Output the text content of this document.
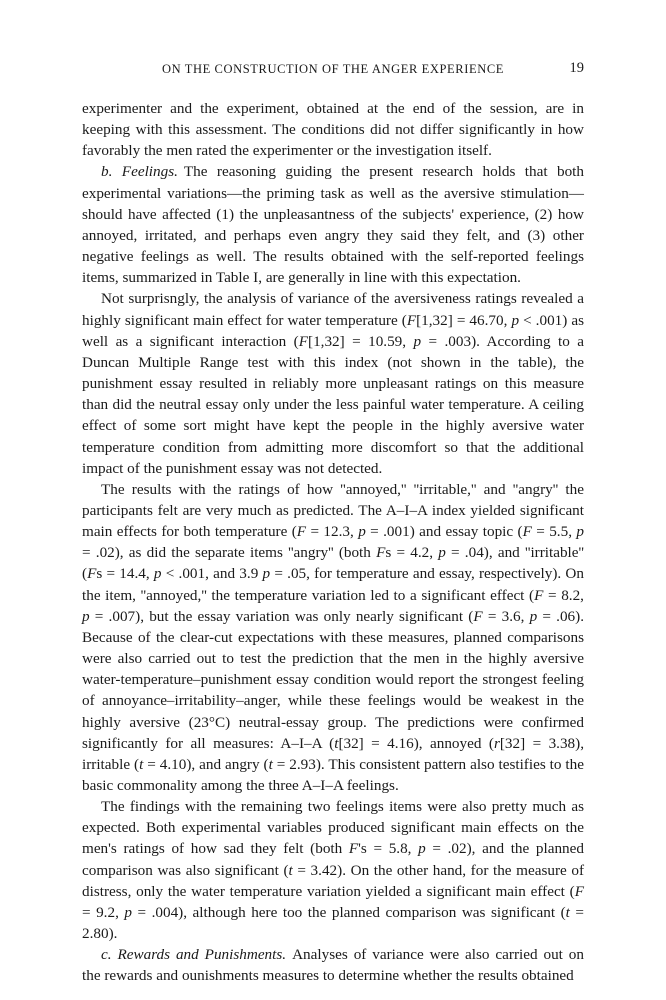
ON THE CONSTRUCTION OF THE ANGER EXPERIENCE	19

experimenter and the experiment, obtained at the end of the session, are in keeping with this assessment. The conditions did not differ significantly in how favorably the men rated the experimenter or the investigation itself.

b. Feelings. The reasoning guiding the present research holds that both experimental variations—the priming task as well as the aversive stimulation—should have affected (1) the unpleasantness of the subjects' experience, (2) how annoyed, irritated, and perhaps even angry they said they felt, and (3) other negative feelings as well. The results obtained with the self-reported feelings items, summarized in Table I, are generally in line with this expectation.

Not surprisngly, the analysis of variance of the aversiveness ratings revealed a highly significant main effect for water temperature (F[1,32] = 46.70, p < .001) as well as a significant interaction (F[1,32] = 10.59, p = .003). According to a Duncan Multiple Range test with this index (not shown in the table), the punishment essay resulted in reliably more unpleasant ratings on this measure than did the neutral essay only under the less painful water temperature. A ceiling effect of some sort might have kept the people in the highly aversive water temperature condition from admitting more discomfort so that the additional impact of the punishment essay was not detected.

The results with the ratings of how ''annoyed,'' ''irritable,'' and ''angry'' the participants felt are very much as predicted. The A–I–A index yielded significant main effects for both temperature (F = 12.3, p = .001) and essay topic (F = 5.5, p = .02), as did the separate items ''angry'' (both Fs = 4.2, p = .04), and ''irritable'' (Fs = 14.4, p < .001, and 3.9 p = .05, for temperature and essay, respectively). On the item, ''annoyed,'' the temperature variation led to a significant effect (F = 8.2, p = .007), but the essay variation was only nearly significant (F = 3.6, p = .06). Because of the clear-cut expectations with these measures, planned comparisons were also carried out to test the prediction that the men in the highly aversive water-temperature–punishment essay condition would report the strongest feeling of annoyance–irritability–anger, while these feelings would be weakest in the highly aversive (23°C) neutral-essay group. The predictions were confirmed significantly for all measures: A–I–A (t[32] = 4.16), annoyed (r[32] = 3.38), irritable (t = 4.10), and angry (t = 2.93). This consistent pattern also testifies to the basic commonality among the three A–I–A feelings.

The findings with the remaining two feelings items were also pretty much as expected. Both experimental variables produced significant main effects on the men's ratings of how sad they felt (both F's = 5.8, p = .02), and the planned comparison was also significant (t = 3.42). On the other hand, for the measure of distress, only the water temperature variation yielded a significant main effect (F = 9.2, p = .004), although here too the planned comparison was significant (t = 2.80).

c. Rewards and Punishments. Analyses of variance were also carried out on the rewards and ounishments measures to determine whether the results obtained
